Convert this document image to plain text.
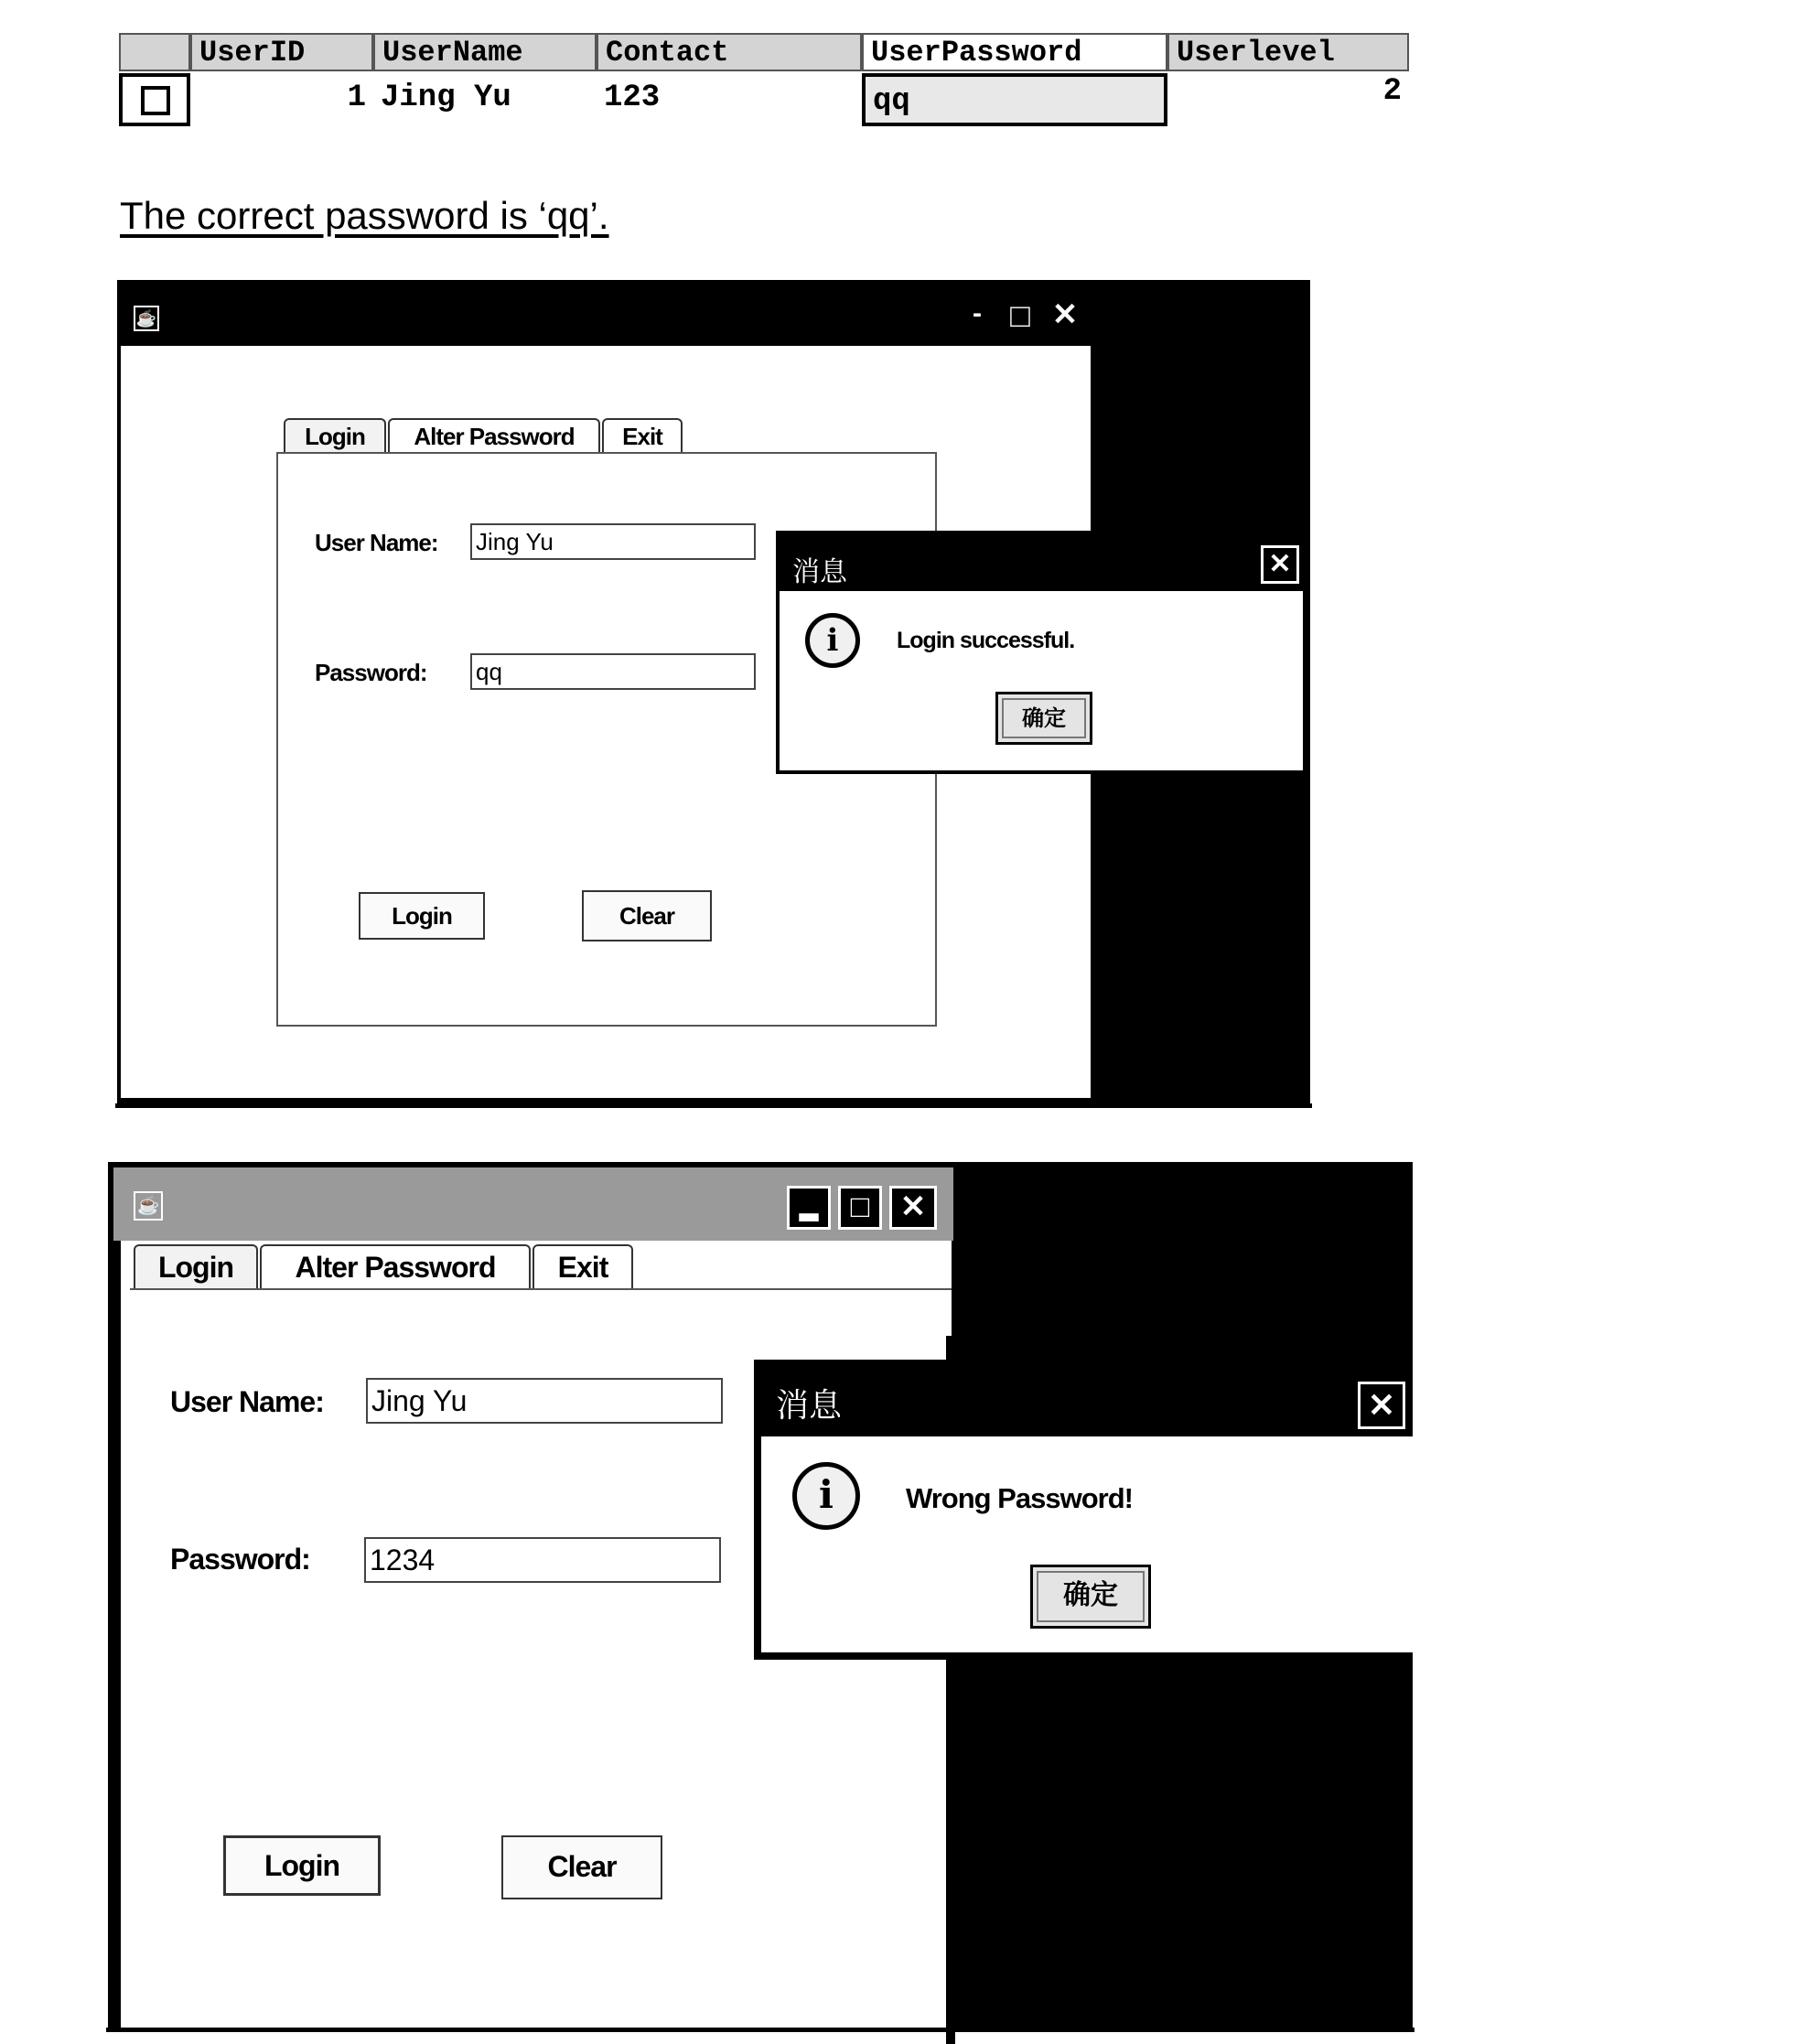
UserID	UserName	Contact	UserPassword	Userlevel

1 Jing Yu	123	qq	2
The correct password is ‘qq’.
☕	- □ ✕
Login	Alter Password	Exit
User Name: Jing Yu
Password: qq
Login	Clear
消息	✕
i	Login successful.
确定
☕	▂	□ ✕
Login	Alter Password	Exit
User Name: Jing Yu
Password: 1234
Login	Clear
消息	✕
i	Wrong Password!
确定
